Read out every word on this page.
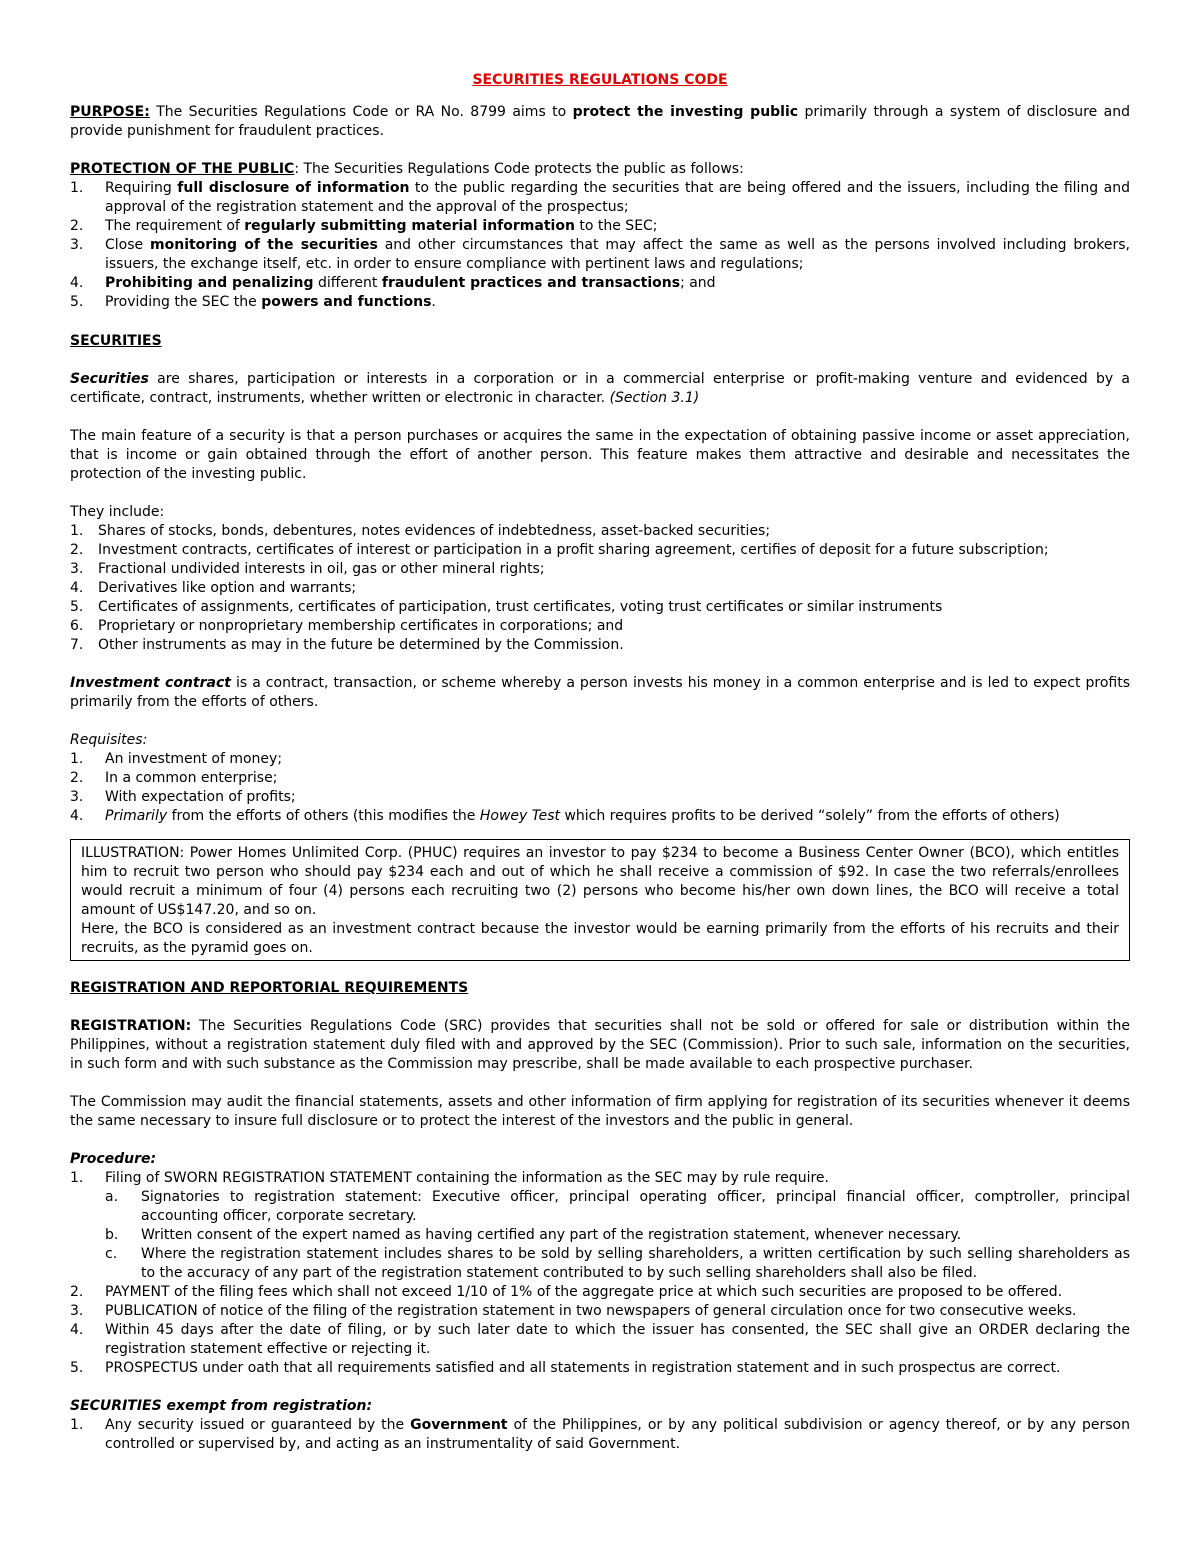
SECURITIES REGULATIONS CODE

PURPOSE: The Securities Regulations Code or RA No. 8799 aims to protect the investing public primarily through a system of disclosure and provide punishment for fraudulent practices.

PROTECTION OF THE PUBLIC: The Securities Regulations Code protects the public as follows:

1. Requiring full disclosure of information to the public regarding the securities that are being offered and the issuers, including the filing and approval of the registration statement and the approval of the prospectus;
2. The requirement of regularly submitting material information to the SEC;
3. Close monitoring of the securities and other circumstances that may affect the same as well as the persons involved including brokers, issuers, the exchange itself, etc. in order to ensure compliance with pertinent laws and regulations;
4. Prohibiting and penalizing different fraudulent practices and transactions; and
5. Providing the SEC the powers and functions.

SECURITIES

Securities are shares, participation or interests in a corporation or in a commercial enterprise or profit-making venture and evidenced by a certificate, contract, instruments, whether written or electronic in character. (Section 3.1)

The main feature of a security is that a person purchases or acquires the same in the expectation of obtaining passive income or asset appreciation, that is income or gain obtained through the effort of another person. This feature makes them attractive and desirable and necessitates the protection of the investing public.

They include:

1. Shares of stocks, bonds, debentures, notes evidences of indebtedness, asset-backed securities;
2. Investment contracts, certificates of interest or participation in a profit sharing agreement, certifies of deposit for a future subscription;
3. Fractional undivided interests in oil, gas or other mineral rights;
4. Derivatives like option and warrants;
5. Certificates of assignments, certificates of participation, trust certificates, voting trust certificates or similar instruments
6. Proprietary or nonproprietary membership certificates in corporations; and
7. Other instruments as may in the future be determined by the Commission.

Investment contract is a contract, transaction, or scheme whereby a person invests his money in a common enterprise and is led to expect profits primarily from the efforts of others.

Requisites:

1. An investment of money;
2. In a common enterprise;
3. With expectation of profits;
4. Primarily from the efforts of others (this modifies the Howey Test which requires profits to be derived “solely” from the efforts of others)

ILLUSTRATION: Power Homes Unlimited Corp. (PHUC) requires an investor to pay $234 to become a Business Center Owner (BCO), which entitles him to recruit two person who should pay $234 each and out of which he shall receive a commission of $92. In case the two referrals/enrollees would recruit a minimum of four (4) persons each recruiting two (2) persons who become his/her own down lines, the BCO will receive a total amount of US$147.20, and so on.

Here, the BCO is considered as an investment contract because the investor would be earning primarily from the efforts of his recruits and their recruits, as the pyramid goes on.

REGISTRATION AND REPORTORIAL REQUIREMENTS

REGISTRATION: The Securities Regulations Code (SRC) provides that securities shall not be sold or offered for sale or distribution within the Philippines, without a registration statement duly filed with and approved by the SEC (Commission). Prior to such sale, information on the securities, in such form and with such substance as the Commission may prescribe, shall be made available to each prospective purchaser.

The Commission may audit the financial statements, assets and other information of firm applying for registration of its securities whenever it deems the same necessary to insure full disclosure or to protect the interest of the investors and the public in general.

Procedure:

1. Filing of SWORN REGISTRATION STATEMENT containing the information as the SEC may by rule require.
a. Signatories to registration statement: Executive officer, principal operating officer, principal financial officer, comptroller, principal accounting officer, corporate secretary.
b. Written consent of the expert named as having certified any part of the registration statement, whenever necessary.
c. Where the registration statement includes shares to be sold by selling shareholders, a written certification by such selling shareholders as to the accuracy of any part of the registration statement contributed to by such selling shareholders shall also be filed.
2. PAYMENT of the filing fees which shall not exceed 1/10 of 1% of the aggregate price at which such securities are proposed to be offered.
3. PUBLICATION of notice of the filing of the registration statement in two newspapers of general circulation once for two consecutive weeks.
4. Within 45 days after the date of filing, or by such later date to which the issuer has consented, the SEC shall give an ORDER declaring the registration statement effective or rejecting it.
5. PROSPECTUS under oath that all requirements satisfied and all statements in registration statement and in such prospectus are correct.

SECURITIES exempt from registration:

1. Any security issued or guaranteed by the Government of the Philippines, or by any political subdivision or agency thereof, or by any person controlled or supervised by, and acting as an instrumentality of said Government.
